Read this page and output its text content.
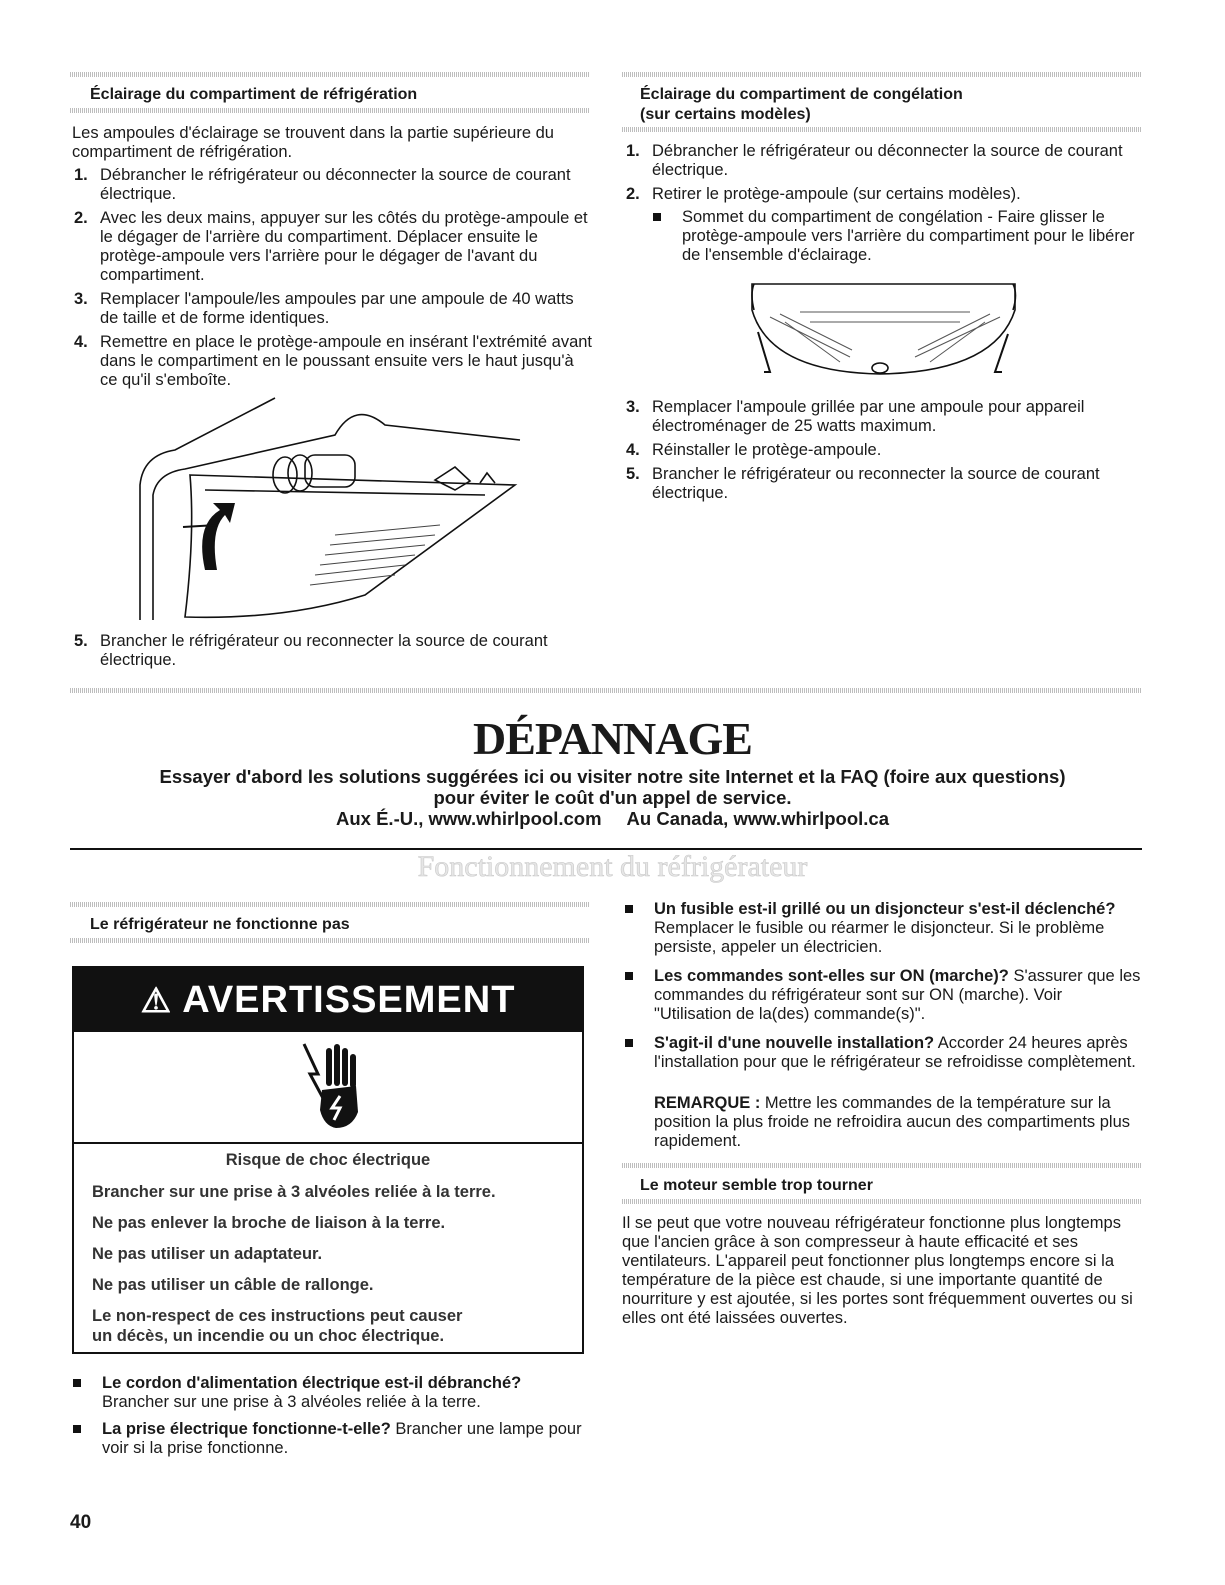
Éclairage du compartiment de réfrigération
Les ampoules d'éclairage se trouvent dans la partie supérieure du compartiment de réfrigération.
1. Débrancher le réfrigérateur ou déconnecter la source de courant électrique.
2. Avec les deux mains, appuyer sur les côtés du protège-ampoule et le dégager de l'arrière du compartiment. Déplacer ensuite le protège-ampoule vers l'arrière pour le dégager de l'avant du compartiment.
3. Remplacer l'ampoule/les ampoules par une ampoule de 40 watts de taille et de forme identiques.
4. Remettre en place le protège-ampoule en insérant l'extrémité avant dans le compartiment en le poussant ensuite vers le haut jusqu'à ce qu'il s'emboîte.
5. Brancher le réfrigérateur ou reconnecter la source de courant électrique.
Éclairage du compartiment de congélation
(sur certains modèles)
1. Débrancher le réfrigérateur ou déconnecter la source de courant électrique.
2. Retirer le protège-ampoule (sur certains modèles).
Sommet du compartiment de congélation - Faire glisser le protège-ampoule vers l'arrière du compartiment pour le libérer de l'ensemble d'éclairage.
3. Remplacer l'ampoule grillée par une ampoule pour appareil électroménager de 25 watts maximum.
4. Réinstaller le protège-ampoule.
5. Brancher le réfrigérateur ou reconnecter la source de courant électrique.
DÉPANNAGE
Essayer d'abord les solutions suggérées ici ou visiter notre site Internet et la FAQ (foire aux questions)
pour éviter le coût d'un appel de service.
Aux É.-U., www.whirlpool.com     Au Canada, www.whirlpool.ca
Fonctionnement du réfrigérateur
Le réfrigérateur ne fonctionne pas
⚠ AVERTISSEMENT
Risque de choc électrique
Brancher sur une prise à 3 alvéoles reliée à la terre.
Ne pas enlever la broche de liaison à la terre.
Ne pas utiliser un adaptateur.
Ne pas utiliser un câble de rallonge.
Le non-respect de ces instructions peut causer
un décès, un incendie ou un choc électrique.
Le cordon d'alimentation électrique est-il débranché? Brancher sur une prise à 3 alvéoles reliée à la terre.
La prise électrique fonctionne-t-elle? Brancher une lampe pour voir si la prise fonctionne.
Un fusible est-il grillé ou un disjoncteur s'est-il déclenché? Remplacer le fusible ou réarmer le disjoncteur. Si le problème persiste, appeler un électricien.
Les commandes sont-elles sur ON (marche)? S'assurer que les commandes du réfrigérateur sont sur ON (marche). Voir "Utilisation de la(des) commande(s)".
S'agit-il d'une nouvelle installation? Accorder 24 heures après l'installation pour que le réfrigérateur se refroidisse complètement.
REMARQUE : Mettre les commandes de la température sur la position la plus froide ne refroidira aucun des compartiments plus rapidement.
Le moteur semble trop tourner
Il se peut que votre nouveau réfrigérateur fonctionne plus longtemps que l'ancien grâce à son compresseur à haute efficacité et ses ventilateurs. L'appareil peut fonctionner plus longtemps encore si la température de la pièce est chaude, si une importante quantité de nourriture y est ajoutée, si les portes sont fréquemment ouvertes ou si elles ont été laissées ouvertes.
40
